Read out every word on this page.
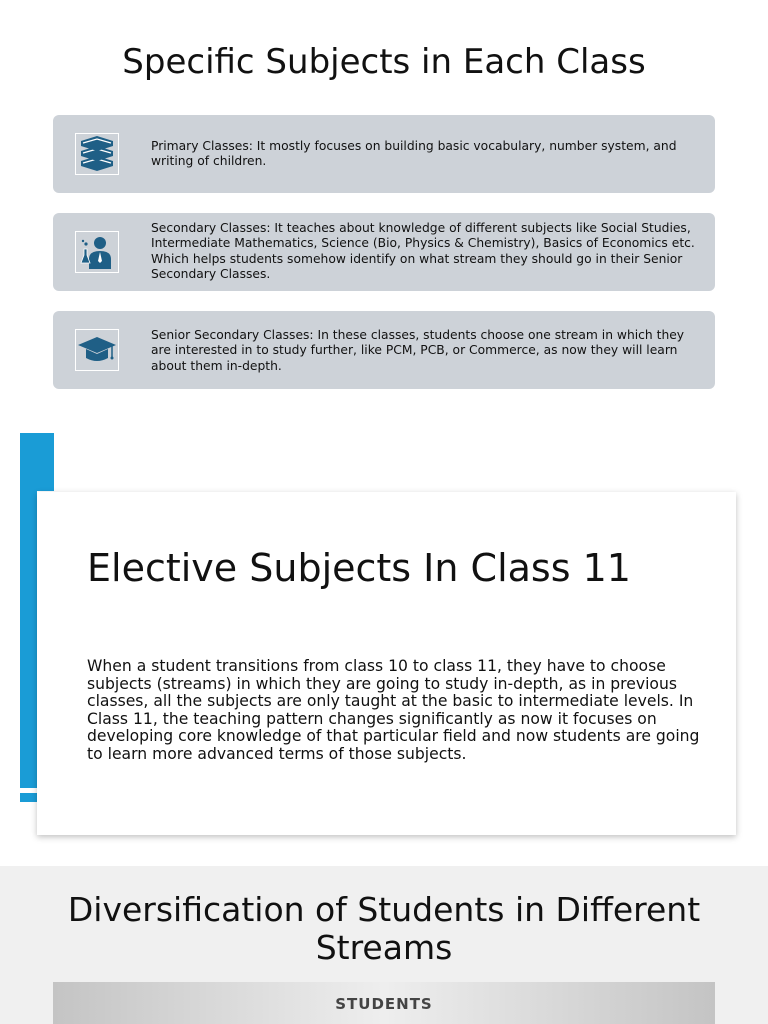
Specific Subjects in Each Class
Primary Classes: It mostly focuses on building basic vocabulary, number system, and writing of children.
Secondary Classes: It teaches about knowledge of different subjects like Social Studies, Intermediate Mathematics, Science (Bio, Physics & Chemistry), Basics of Economics etc. Which helps students somehow identify on what stream they should go in their Senior Secondary Classes.
Senior Secondary Classes: In these classes, students choose one stream in which they are interested in to study further, like PCM, PCB, or Commerce, as now they will learn about them in-depth.
Elective Subjects In Class 11

When a student transitions from class 10 to class 11, they have to choose subjects (streams) in which they are going to study in-depth, as in previous classes, all the subjects are only taught at the basic to intermediate levels. In Class 11, the teaching pattern changes significantly as now it focuses on developing core knowledge of that particular field and now students are going to learn more advanced terms of those subjects.

Diversification of Students in Different Streams
STUDENTS
